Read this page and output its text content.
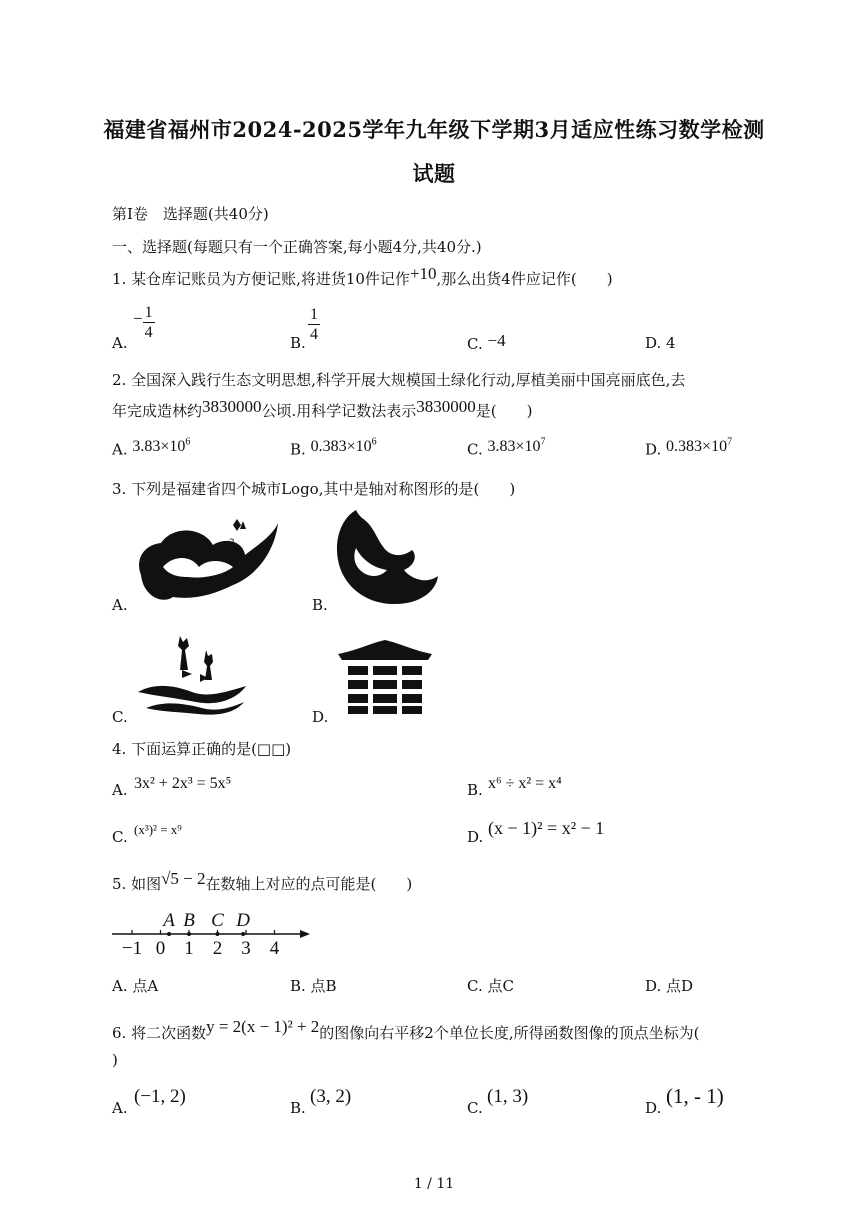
福建省福州市2024-2025学年九年级下学期3月适应性练习数学检测
试题
第Ⅰ卷　选择题(共40分)
一、选择题(每题只有一个正确答案,每小题4分,共40分.)
1. 某仓库记账员为方便记账,将进货10件记作+10,那么出货4件应记作(　　)
A.
− $\frac{1}{4}$	B. $\frac{1}{4}$	C. −4	D. 4
2. 全国深入践行生态文明思想,科学开展大规模国土绿化行动,厚植美丽中国亮丽底色,去
年完成造林约3830000公顷.用科学记数法表示3830000是(　　)
A. $3.83\times 10^6$	B. $0.383\times 10^6$	C. $3.83\times 10^7$	D. $0.383\times 10^7$
3. 下列是福建省四个城市Logo,其中是轴对称图形的是(　　)
A.
2
B.
C.	D.
4. 下面运算正确的是(□□)
A. 3x² + 2x³ = 5x⁵	B. x⁶ ÷ x² = x⁴
C. (x³)² = x⁹	D. (x − 1)² = x² − 1
5. 如图√5 − 2在数轴上对应的点可能是(　　)
−1 0 1 2 3 4
A B C D
A. 点A	B. 点B	C. 点C	D. 点D
6. 将二次函数y = 2(x − 1)² + 2的图像向右平移2个单位长度,所得函数图像的顶点坐标为(
)
A.
(−1, 2)
B.
(3, 2)
C.
(1, 3)
D. (1, - 1)
1 / 11
